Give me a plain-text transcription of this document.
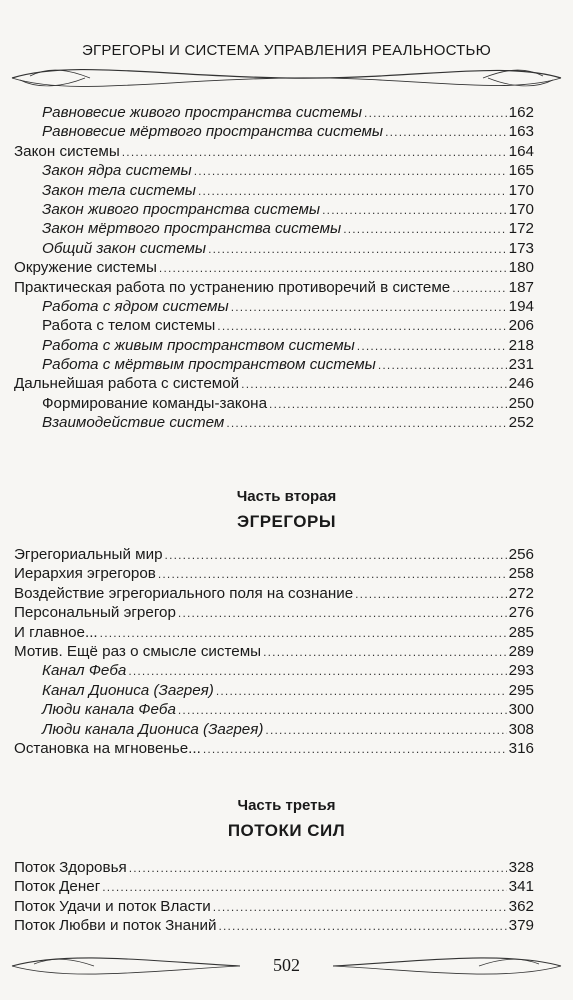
ЭГРЕГОРЫ И СИСТЕМА УПРАВЛЕНИЯ РЕАЛЬНОСТЬЮ
Равновесие живого пространства системы .....	162
Равновесие мёртвого пространства системы .....	163
Закон системы .....	164
Закон ядра системы .....	165
Закон тела системы .....	170
Закон живого пространства системы .....	170
Закон мёртвого пространства системы .....	172
Общий закон системы .....	173
Окружение системы .....	180
Практическая работа по устранению противоречий в системе .....	187
Работа с ядром системы .....	194
Работа с телом системы .....	206
Работа с живым пространством системы .....	218
Работа с мёртвым пространством системы .....	231
Дальнейшая работа с системой .....	246
Формирование команды-закона .....	250
Взаимодействие систем .....	252
Часть вторая
ЭГРЕГОРЫ
Эгрегориальный мир .....	256
Иерархия эгрегоров .....	258
Воздействие эгрегориального поля на сознание .....	272
Персональный эгрегор .....	276
И главное... .....	285
Мотив. Ещё раз о смысле системы .....	289
Канал Феба .....	293
Канал Диониса (Загрея) .....	295
Люди канала Феба .....	300
Люди канала Диониса (Загрея) .....	308
Остановка на мгновенье... .....	316
Часть третья
ПОТОКИ СИЛ
Поток Здоровья .....	328
Поток Денег .....	341
Поток Удачи и поток Власти .....	362
Поток Любви и поток Знаний .....	379
502
